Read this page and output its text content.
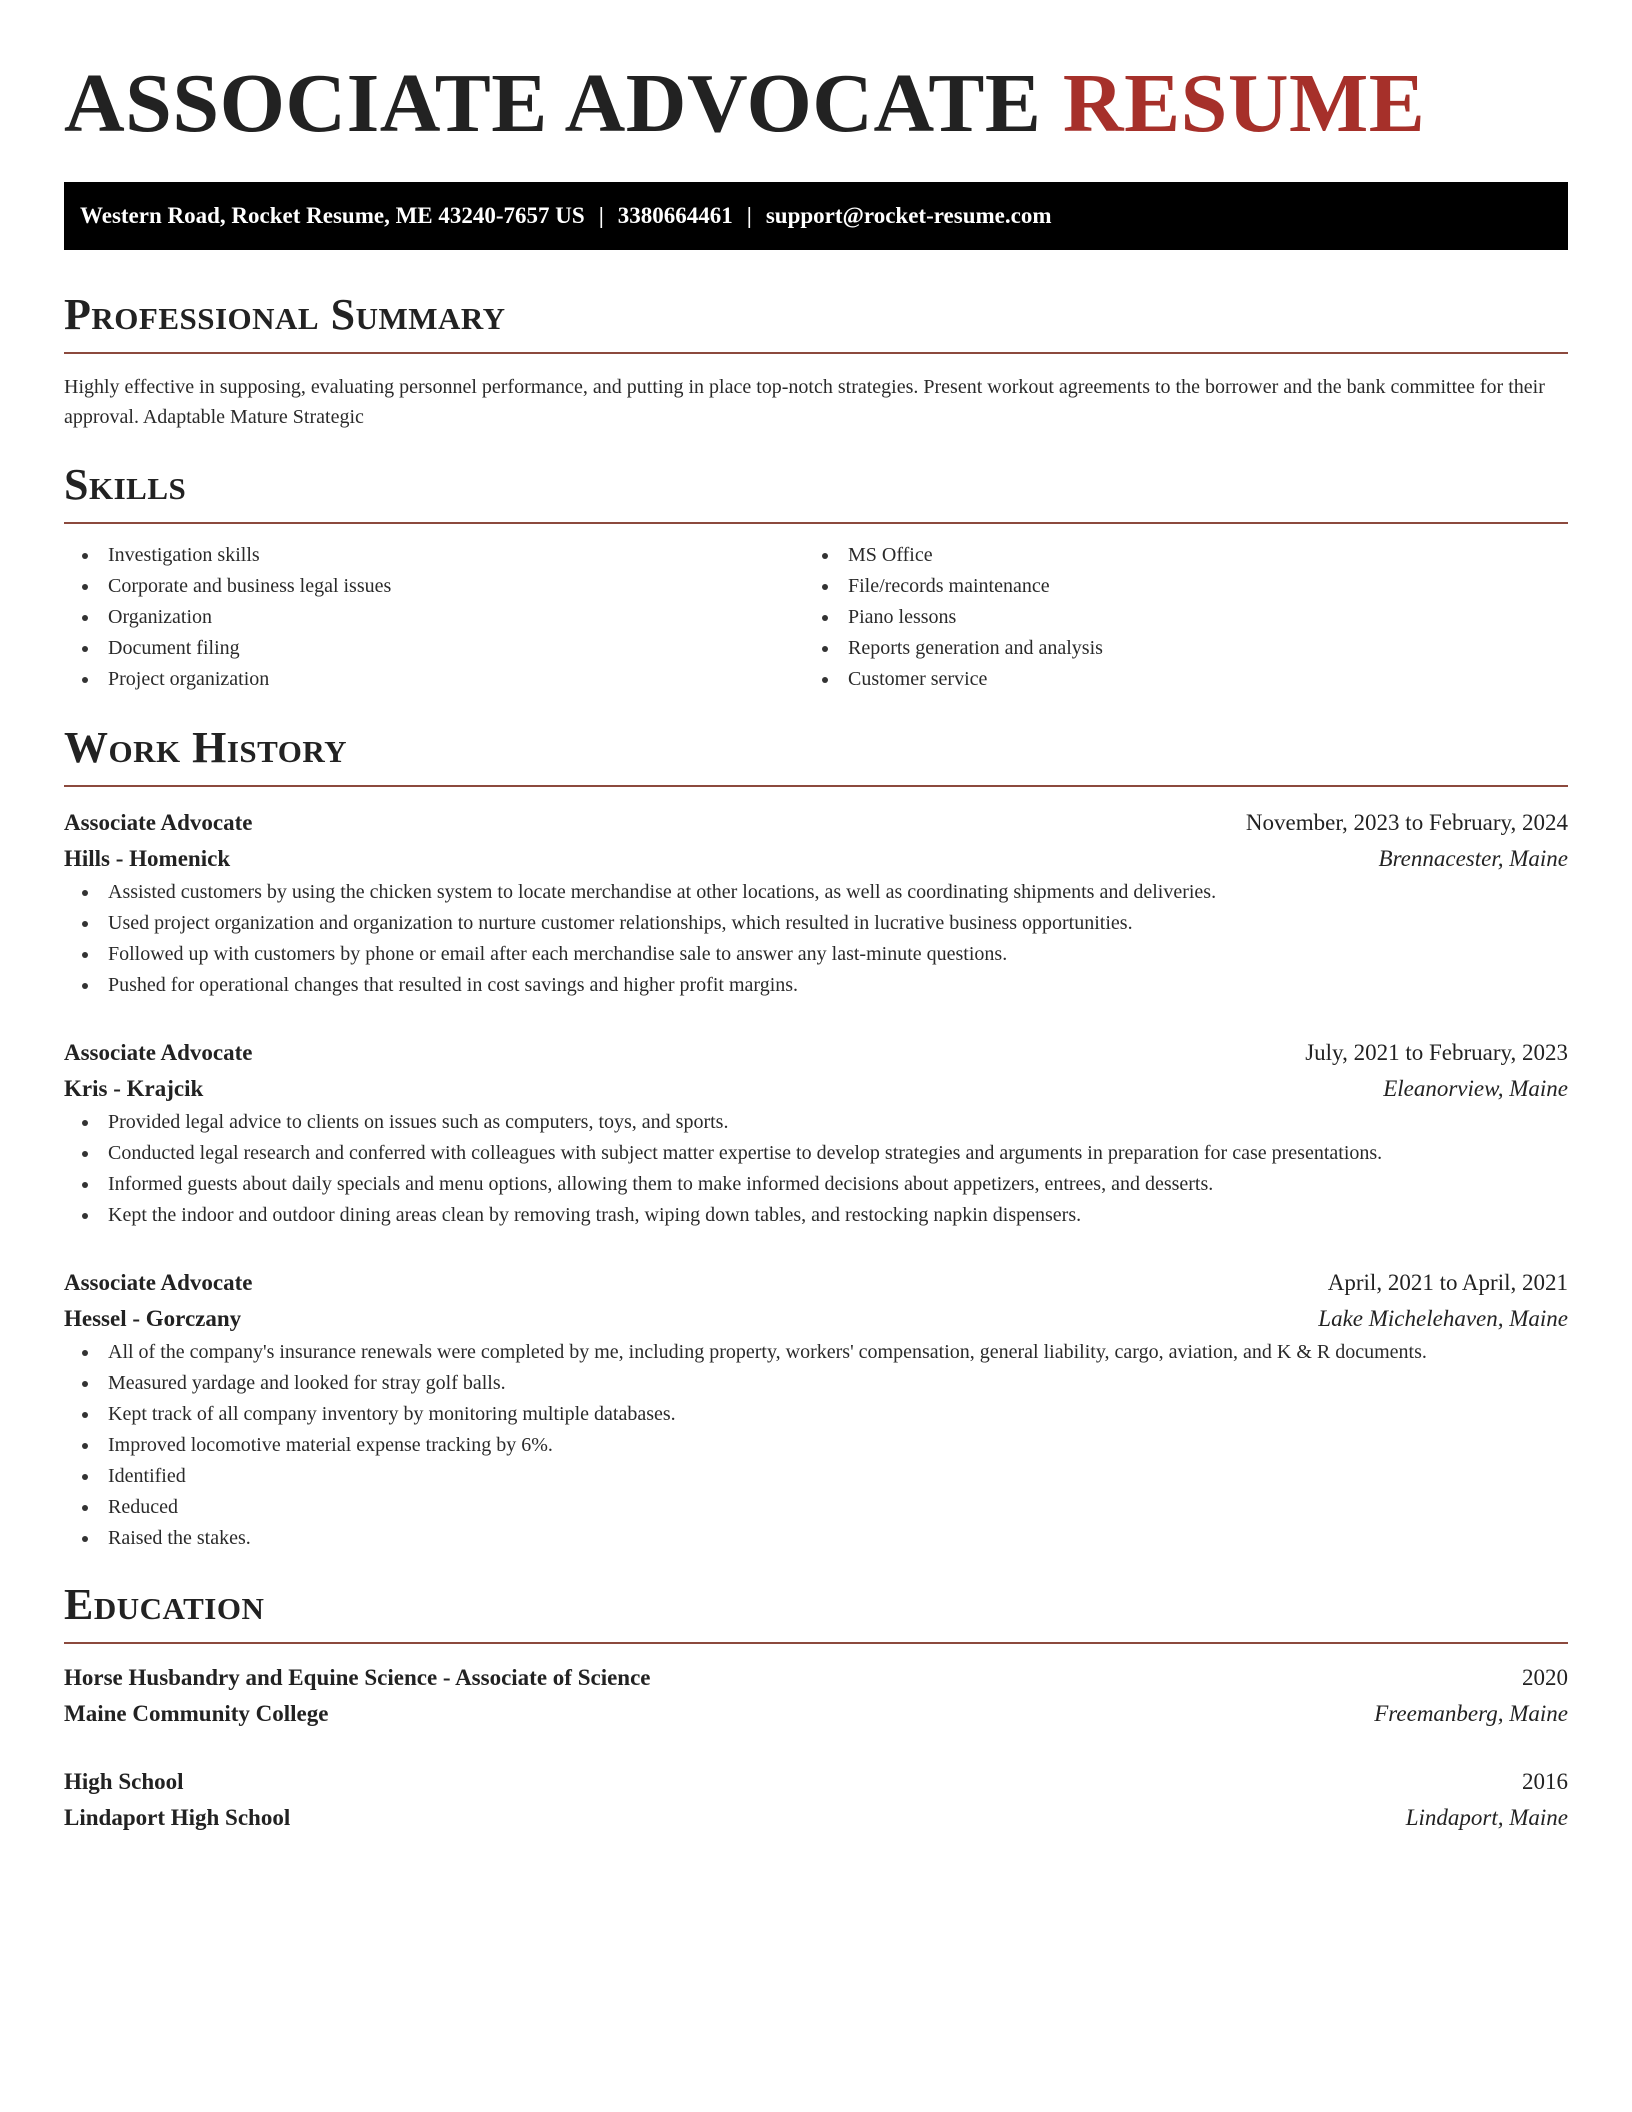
ASSOCIATE ADVOCATE RESUME
Western Road, Rocket Resume, ME 43240-7657 US | 3380664461 | support@rocket-resume.com
Professional Summary

Highly effective in supposing, evaluating personnel performance, and putting in place top-notch strategies. Present workout agreements to the borrower and the bank committee for their approval. Adaptable Mature Strategic

Skills
Investigation skills
Corporate and business legal issues
Organization
Document filing
Project organization
MS Office
File/records maintenance
Piano lessons
Reports generation and analysis
Customer service
Work History
Associate Advocate	November, 2023 to February, 2024
Hills - Homenick	Brennacester, Maine
Assisted customers by using the chicken system to locate merchandise at other locations, as well as coordinating shipments and deliveries.
Used project organization and organization to nurture customer relationships, which resulted in lucrative business opportunities.
Followed up with customers by phone or email after each merchandise sale to answer any last-minute questions.
Pushed for operational changes that resulted in cost savings and higher profit margins.
Associate Advocate	July, 2021 to February, 2023
Kris - Krajcik	Eleanorview, Maine
Provided legal advice to clients on issues such as computers, toys, and sports.
Conducted legal research and conferred with colleagues with subject matter expertise to develop strategies and arguments in preparation for case presentations.
Informed guests about daily specials and menu options, allowing them to make informed decisions about appetizers, entrees, and desserts.
Kept the indoor and outdoor dining areas clean by removing trash, wiping down tables, and restocking napkin dispensers.
Associate Advocate	April, 2021 to April, 2021
Hessel - Gorczany	Lake Michelehaven, Maine
All of the company's insurance renewals were completed by me, including property, workers' compensation, general liability, cargo, aviation, and K & R documents.
Measured yardage and looked for stray golf balls.
Kept track of all company inventory by monitoring multiple databases.
Improved locomotive material expense tracking by 6%.
Identified
Reduced
Raised the stakes.
Education
Horse Husbandry and Equine Science - Associate of Science	2020
Maine Community College	Freemanberg, Maine
High School	2016
Lindaport High School	Lindaport, Maine
